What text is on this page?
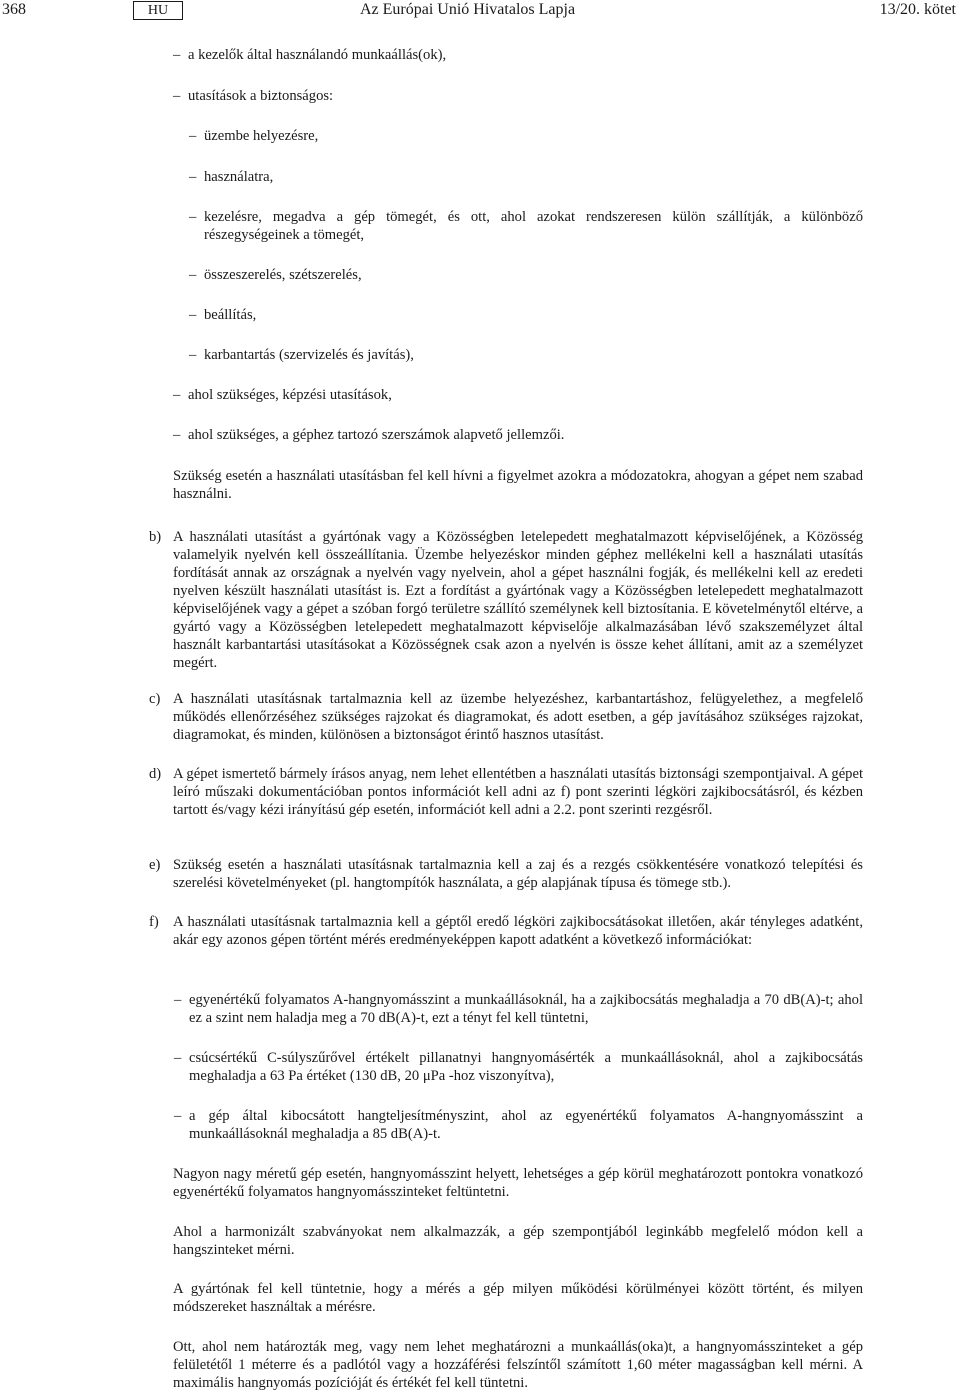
368	HU	Az Európai Unió Hivatalos Lapja	13/20. kötet
– a kezelők által használandó munkaállás(ok),
– utasítások a biztonságos:
– üzembe helyezésre,
– használatra,
– kezelésre, megadva a gép tömegét, és ott, ahol azokat rendszeresen külön szállítják, a különböző részegységeinek a tömegét,
– összeszerelés, szétszerelés,
– beállítás,
– karbantartás (szervizelés és javítás),
– ahol szükséges, képzési utasítások,
– ahol szükséges, a géphez tartozó szerszámok alapvető jellemzői.
Szükség esetén a használati utasításban fel kell hívni a figyelmet azokra a módozatokra, ahogyan a gépet nem szabad használni.
b) A használati utasítást a gyártónak vagy a Közösségben letelepedett meghatalmazott képviselőjének, a Közösség valamelyik nyelvén kell összeállítania. Üzembe helyezéskor minden géphez mellékelni kell a használati utasítás fordítását annak az országnak a nyelvén vagy nyelvein, ahol a gépet használni fogják, és mellékelni kell az eredeti nyelven készült használati utasítást is. Ezt a fordítást a gyártónak vagy a Közösségben letelepedett meghatalmazott képviselőjének vagy a gépet a szóban forgó területre szállító személynek kell biztosítania. E követelménytől eltérve, a gyártó vagy a Közösségben letelepedett meghatalmazott képviselője alkalmazásában lévő szakszemélyzet által használt karbantartási utasításokat a Közösségnek csak azon a nyelvén is össze kehet állítani, amit az a személyzet megért.
c) A használati utasításnak tartalmaznia kell az üzembe helyezéshez, karbantartáshoz, felügyelethez, a megfelelő működés ellenőrzéséhez szükséges rajzokat és diagramokat, és adott esetben, a gép javításához szükséges rajzokat, diagramokat, és minden, különösen a biztonságot érintő hasznos utasítást.
d) A gépet ismertető bármely írásos anyag, nem lehet ellentétben a használati utasítás biztonsági szempontjaival. A gépet leíró műszaki dokumentációban pontos információt kell adni az f) pont szerinti légköri zajkibocsátásról, és kézben tartott és/vagy kézi irányítású gép esetén, információt kell adni a 2.2. pont szerinti rezgésről.
e) Szükség esetén a használati utasításnak tartalmaznia kell a zaj és a rezgés csökkentésére vonatkozó telepítési és szerelési követelményeket (pl. hangtompítók használata, a gép alapjának típusa és tömege stb.).
f) A használati utasításnak tartalmaznia kell a géptől eredő légköri zajkibocsátásokat illetően, akár tényleges adatként, akár egy azonos gépen történt mérés eredményeképpen kapott adatként a következő információkat:
– egyenértékű folyamatos A-hangnyomásszint a munkaállásoknál, ha a zajkibocsátás meghaladja a 70 dB(A)-t; ahol ez a szint nem haladja meg a 70 dB(A)-t, ezt a tényt fel kell tüntetni,
– csúcsértékű C-súlyszűrővel értékelt pillanatnyi hangnyomásérték a munkaállásoknál, ahol a zajkibocsátás meghaladja a 63 Pa értéket (130 dB, 20 μPa -hoz viszonyítva),
– a gép által kibocsátott hangteljesítményszint, ahol az egyenértékű folyamatos A-hangnyomásszint a munkaállásoknál meghaladja a 85 dB(A)-t.
Nagyon nagy méretű gép esetén, hangnyomásszint helyett, lehetséges a gép körül meghatározott pontokra vonatkozó egyenértékű folyamatos hangnyomásszinteket feltüntetni.
Ahol a harmonizált szabványokat nem alkalmazzák, a gép szempontjából leginkább megfelelő módon kell a hangszinteket mérni.
A gyártónak fel kell tüntetnie, hogy a mérés a gép milyen működési körülményei között történt, és milyen módszereket használtak a mérésre.
Ott, ahol nem határozták meg, vagy nem lehet meghatározni a munkaállás(oka)t, a hangnyomásszinteket a gép felületétől 1 méterre és a padlótól vagy a hozzáférési felszíntől számított 1,60 méter magasságban kell mérni. A maximális hangnyomás pozícióját és értékét fel kell tüntetni.
